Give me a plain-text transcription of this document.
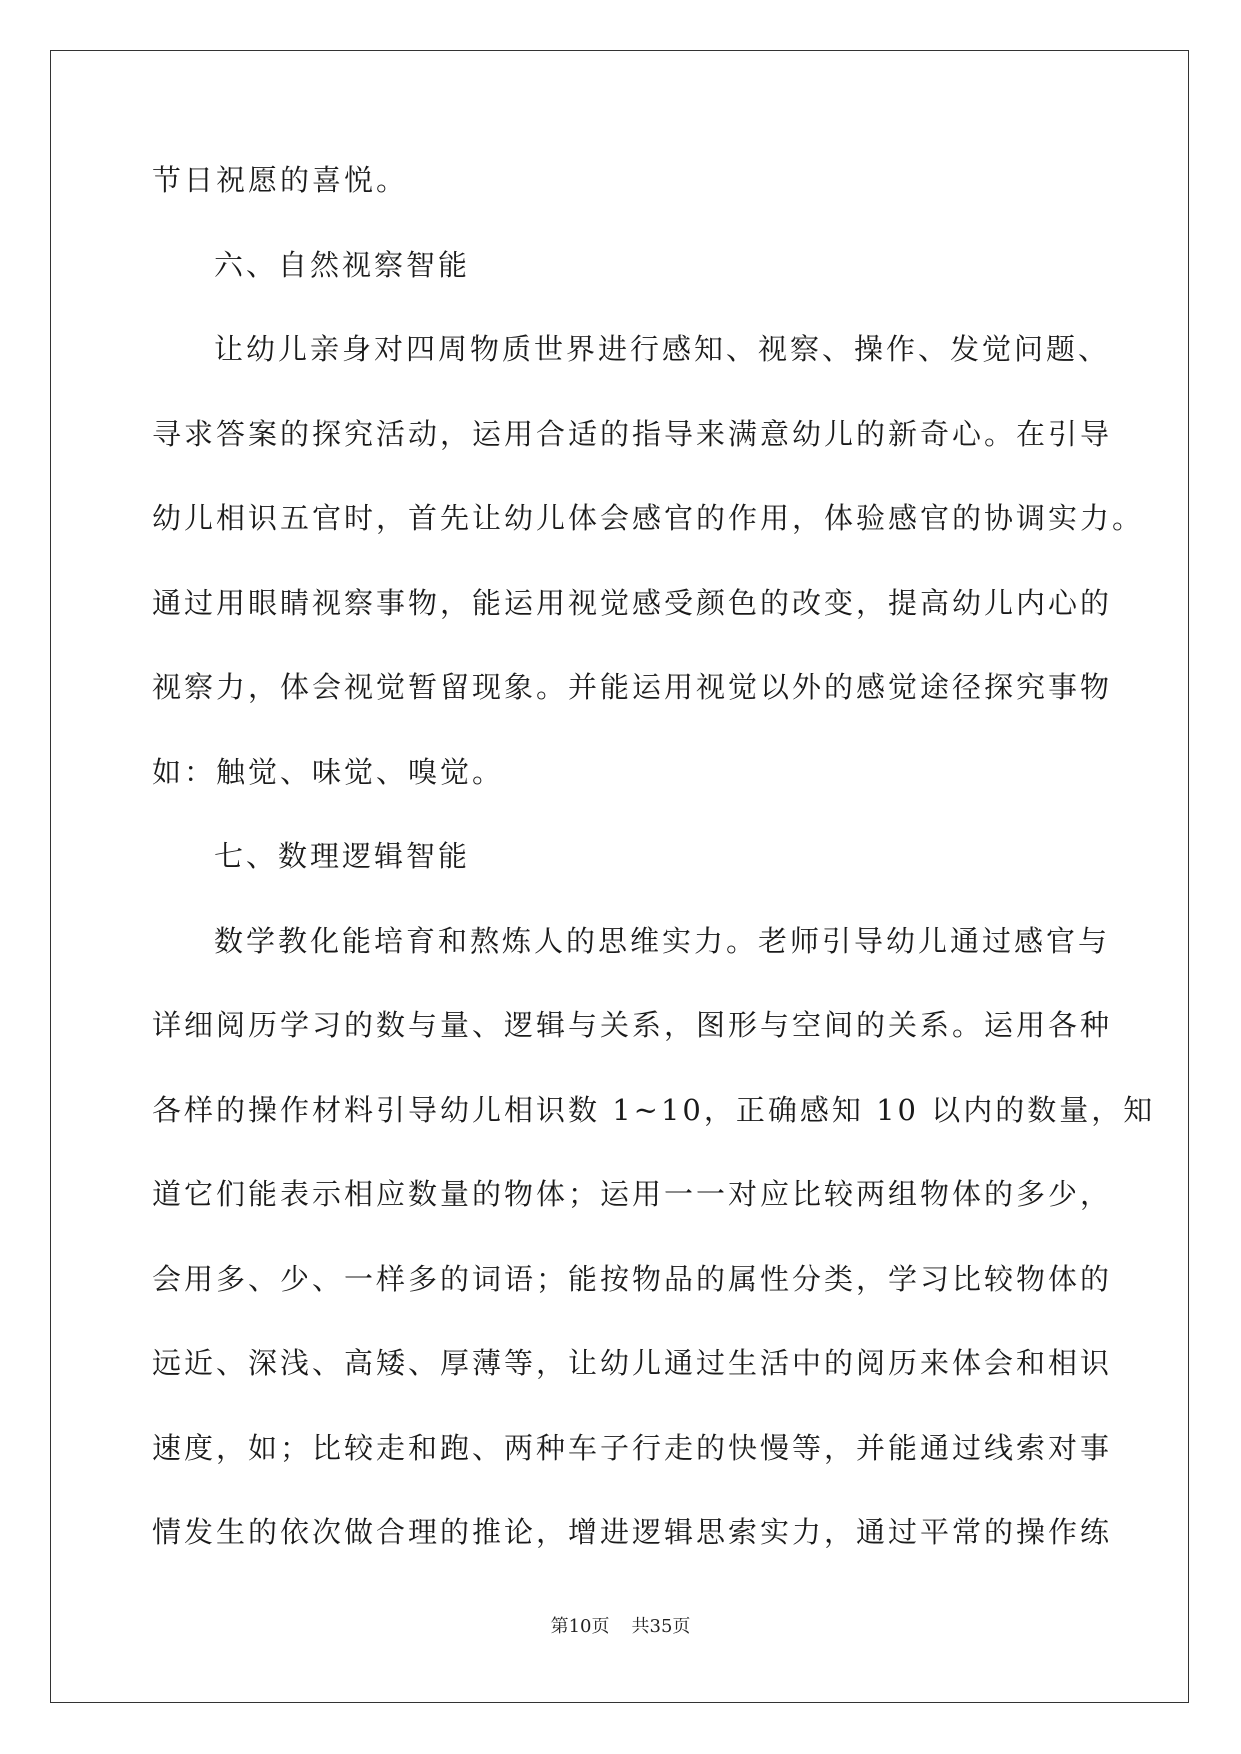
节日祝愿的喜悦。
六、自然视察智能
让幼儿亲身对四周物质世界进行感知、视察、操作、发觉问题、
寻求答案的探究活动，运用合适的指导来满意幼儿的新奇心。在引导
幼儿相识五官时，首先让幼儿体会感官的作用，体验感官的协调实力。
通过用眼睛视察事物，能运用视觉感受颜色的改变，提高幼儿内心的
视察力，体会视觉暂留现象。并能运用视觉以外的感觉途径探究事物
如：触觉、味觉、嗅觉。
七、数理逻辑智能
数学教化能培育和熬炼人的思维实力。老师引导幼儿通过感官与
详细阅历学习的数与量、逻辑与关系，图形与空间的关系。运用各种
各样的操作材料引导幼儿相识数 1~10，正确感知 10 以内的数量，知
道它们能表示相应数量的物体；运用一一对应比较两组物体的多少，
会用多、少、一样多的词语；能按物品的属性分类，学习比较物体的
远近、深浅、高矮、厚薄等，让幼儿通过生活中的阅历来体会和相识
速度，如；比较走和跑、两种车子行走的快慢等，并能通过线索对事
情发生的依次做合理的推论，增进逻辑思索实力，通过平常的操作练
第10页 共35页
